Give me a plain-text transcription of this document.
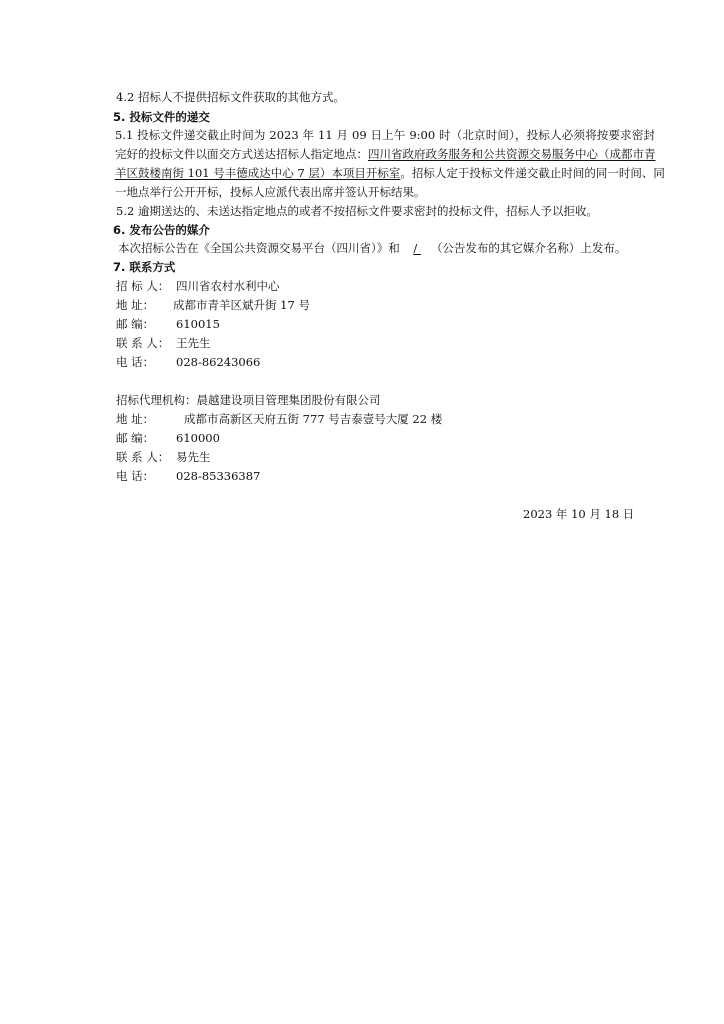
4.2 招标人不提供招标文件获取的其他方式。
5. 投标文件的递交
5.1 投标文件递交截止时间为 2023 年 11 月 09 日上午 9:00 时（北京时间），投标人必须将按要求密封
完好的投标文件以面交方式送达招标人指定地点：四川省政府政务服务和公共资源交易服务中心（成都市青
羊区鼓楼南街 101 号丰德成达中心 7 层）本项目开标室。招标人定于投标文件递交截止时间的同一时间、同
一地点举行公开开标，投标人应派代表出席并签认开标结果。
5.2 逾期送达的、未送达指定地点的或者不按招标文件要求密封的投标文件，招标人予以拒收。
6. 发布公告的媒介
本次招标公告在《全国公共资源交易平台（四川省）》和 / （公告发布的其它媒介名称）上发布。
7. 联系方式
招 标 人： 四川省农村水利中心
地 址： 成都市青羊区斌升街 17 号
邮 编： 610015
联 系 人： 王先生
电 话： 028-86243066
招标代理机构：晨越建设项目管理集团股份有限公司
地 址：	成都市高新区天府五街 777 号吉泰壹号大厦 22 楼
邮 编： 610000
联 系 人： 易先生
电 话： 028-85336387
2023 年 10 月 18 日
